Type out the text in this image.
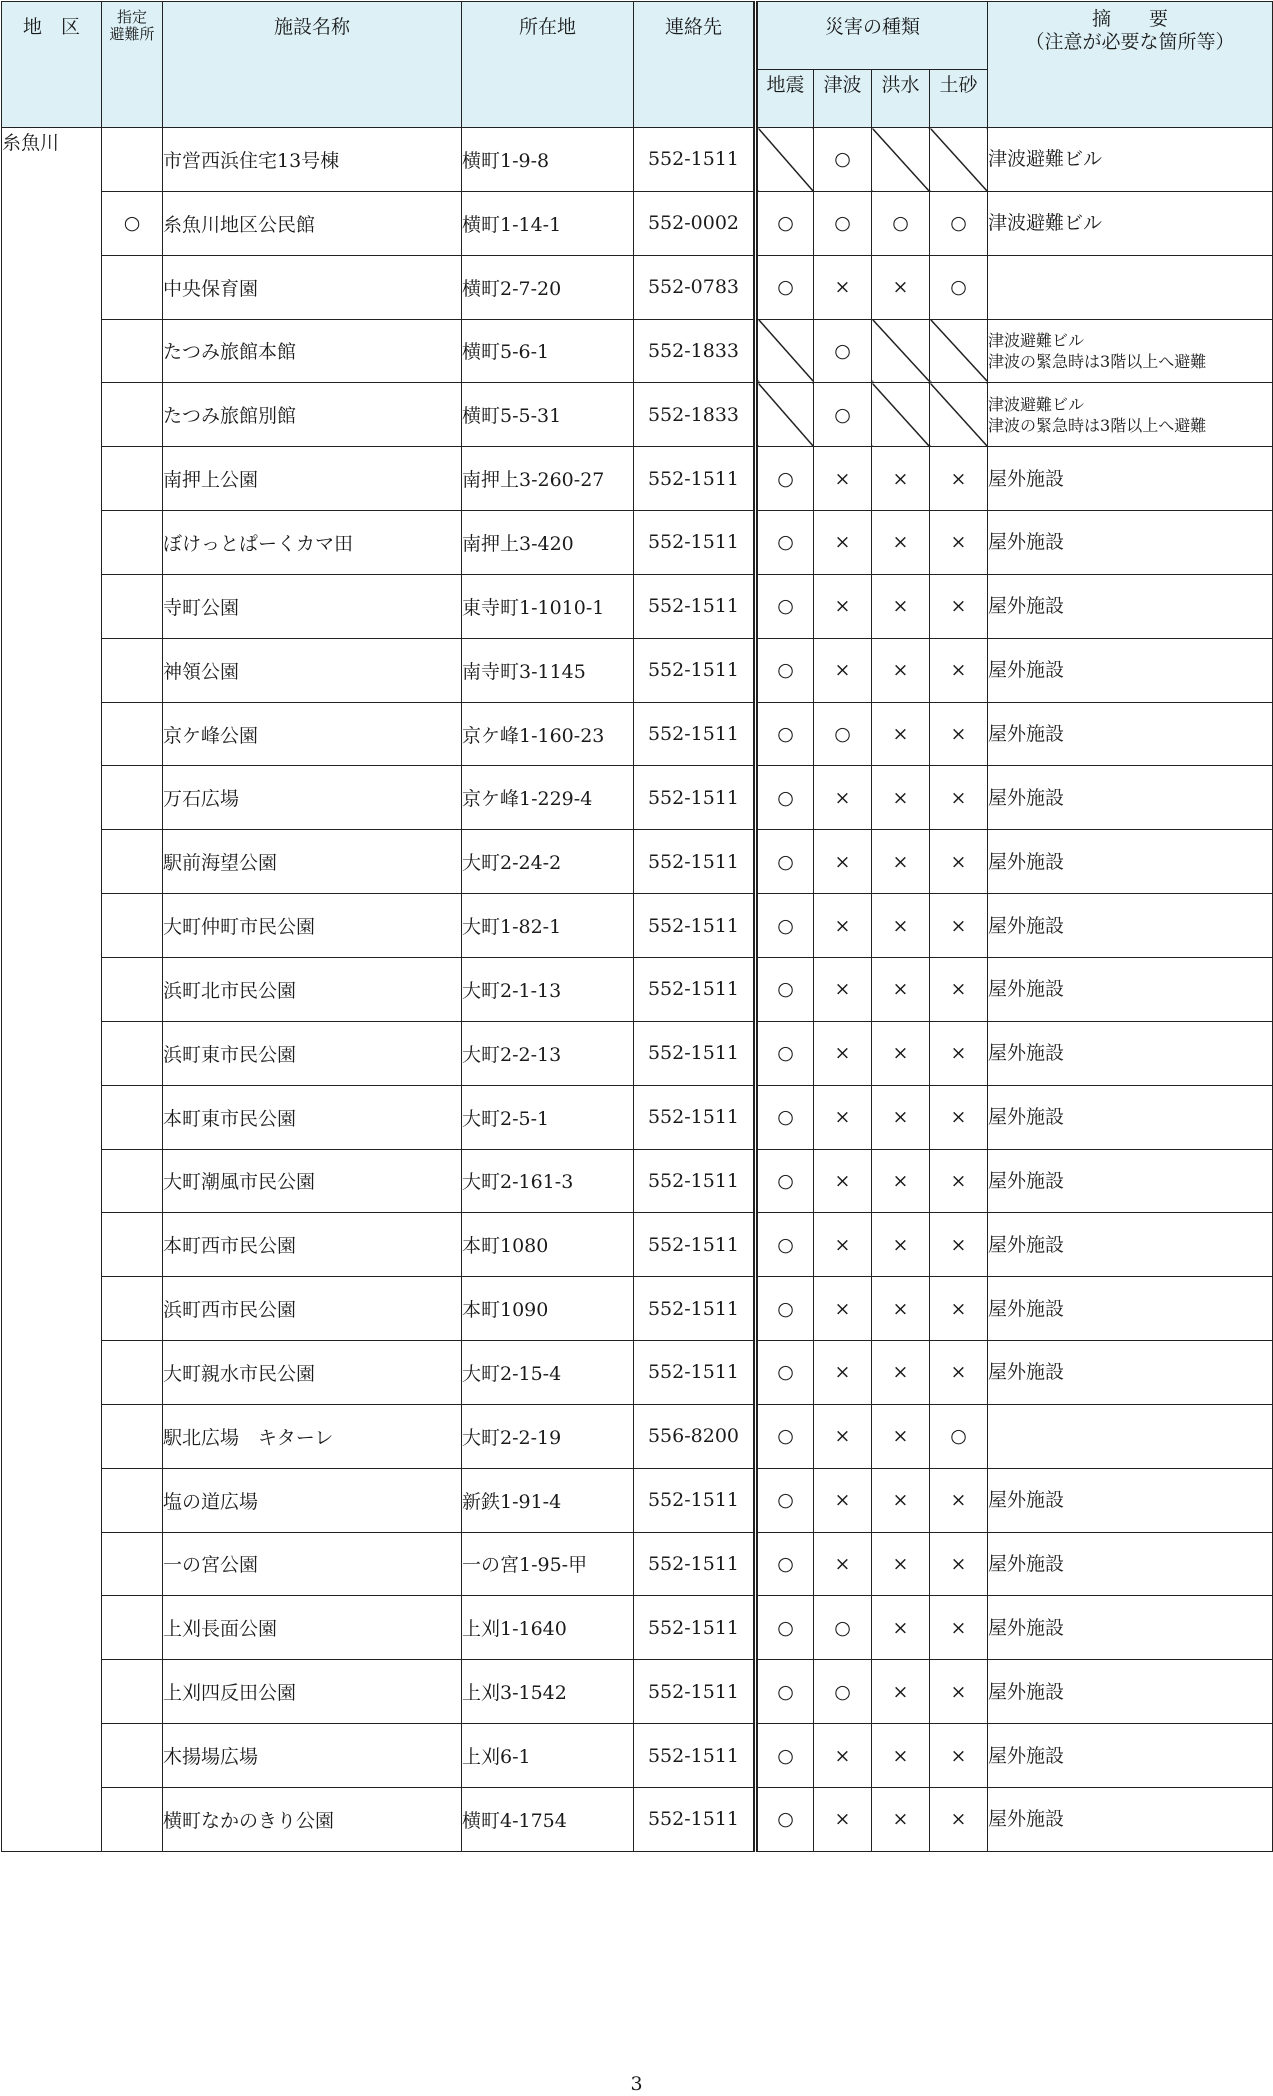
地　区	指定
避難所	施設名称	所在地	連絡先	災害の種類				摘　　要
（注意が必要な箇所等）
					地震	津波	洪水	土砂	
糸魚川		市営西浜住宅13号棟	横町1-9-8	552-1511		○			津波避難ビル
	○	糸魚川地区公民館	横町1-14-1	552-0002	○	○	○	○	津波避難ビル
		中央保育園	横町2-7-20	552-0783	○	×	×	○	
		たつみ旅館本館	横町5-6-1	552-1833		○			津波避難ビル
津波の緊急時は3階以上へ避難
		たつみ旅館別館	横町5-5-31	552-1833		○			津波避難ビル
津波の緊急時は3階以上へ避難
		南押上公園	南押上3-260-27	552-1511	○	×	×	×	屋外施設
		ぼけっとぱーくカマ田	南押上3-420	552-1511	○	×	×	×	屋外施設
		寺町公園	東寺町1-1010-1	552-1511	○	×	×	×	屋外施設
		神領公園	南寺町3-1145	552-1511	○	×	×	×	屋外施設
		京ケ峰公園	京ケ峰1-160-23	552-1511	○	○	×	×	屋外施設
		万石広場	京ケ峰1-229-4	552-1511	○	×	×	×	屋外施設
		駅前海望公園	大町2-24-2	552-1511	○	×	×	×	屋外施設
		大町仲町市民公園	大町1-82-1	552-1511	○	×	×	×	屋外施設
		浜町北市民公園	大町2-1-13	552-1511	○	×	×	×	屋外施設
		浜町東市民公園	大町2-2-13	552-1511	○	×	×	×	屋外施設
		本町東市民公園	大町2-5-1	552-1511	○	×	×	×	屋外施設
		大町潮風市民公園	大町2-161-3	552-1511	○	×	×	×	屋外施設
		本町西市民公園	本町1080	552-1511	○	×	×	×	屋外施設
		浜町西市民公園	本町1090	552-1511	○	×	×	×	屋外施設
		大町親水市民公園	大町2-15-4	552-1511	○	×	×	×	屋外施設
		駅北広場　キターレ	大町2-2-19	556-8200	○	×	×	○	
		塩の道広場	新鉄1-91-4	552-1511	○	×	×	×	屋外施設
		一の宮公園	一の宮1-95-甲	552-1511	○	×	×	×	屋外施設
		上刈長面公園	上刈1-1640	552-1511	○	○	×	×	屋外施設
		上刈四反田公園	上刈3-1542	552-1511	○	○	×	×	屋外施設
		木揚場広場	上刈6-1	552-1511	○	×	×	×	屋外施設
		横町なかのきり公園	横町4-1754	552-1511	○	×	×	×	屋外施設
3
